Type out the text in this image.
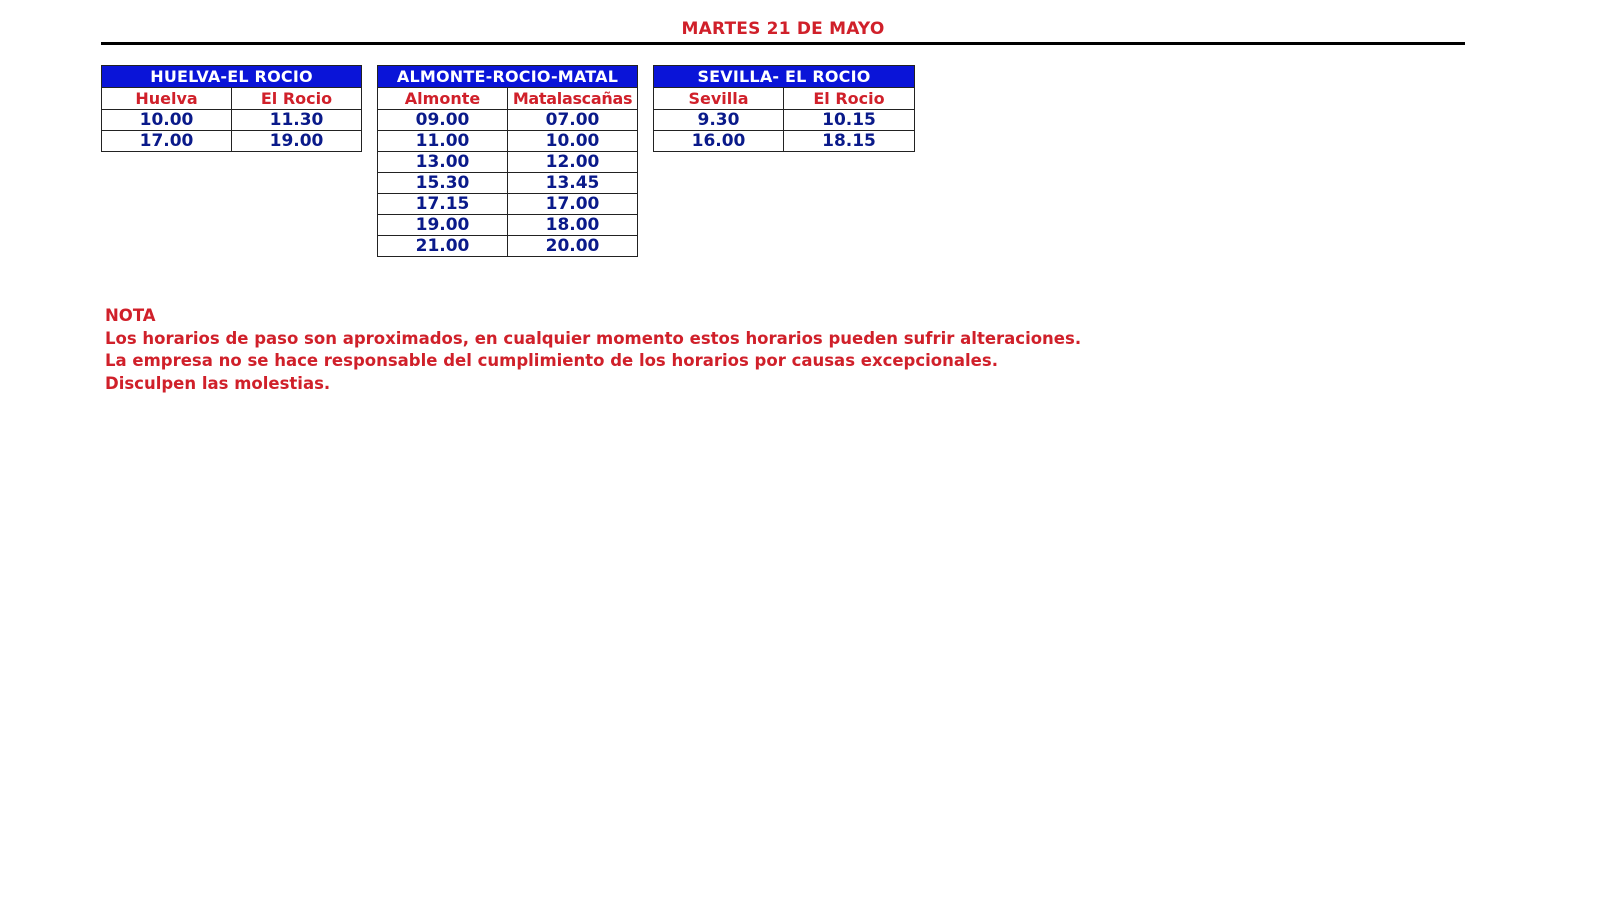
MARTES 21 DE MAYO
HUELVA-EL ROCIO	
Huelva	El Rocio
10.00	11.30
17.00	19.00
ALMONTE-ROCIO-MATAL	
Almonte	Matalascañas
09.00	07.00
11.00	10.00
13.00	12.00
15.30	13.45
17.15	17.00
19.00	18.00
21.00	20.00
SEVILLA- EL ROCIO	
Sevilla	El Rocio
9.30	10.15
16.00	18.15
NOTA
Los horarios de paso son aproximados, en cualquier momento estos horarios pueden sufrir alteraciones.
La empresa no se hace responsable del cumplimiento de los horarios por causas excepcionales.
Disculpen las molestias.
